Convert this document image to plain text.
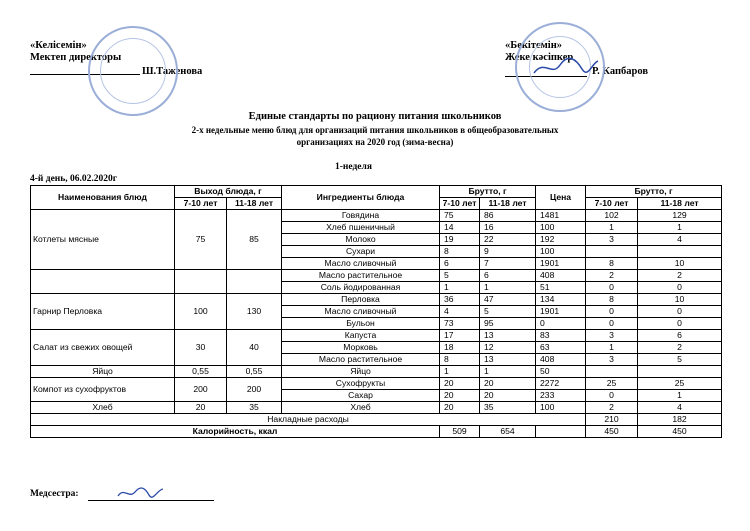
«Келісемін»
Мектеп директоры
Ш.Таженова
«Бекітемін»
Жеке кәсіпкер
Р. Капбаров
Единые стандарты по рациону питания школьников
2-х недельные меню блюд для организаций питания школьников в общеобразовательных
организациях на 2020 год (зима-весна)
1-неделя
4-й день, 06.02.2020г
Наименования блюд	Выход блюда, г		Ингредиенты блюда	Брутто, г		Цена	Брутто, г	
	7-10 лет	11-18 лет		7-10 лет	11-18 лет		7-10 лет	11-18 лет
Котлеты мясные	75	85	Говядина	75	86	1481	102	129
			Хлеб пшеничный	14	16	100	1	1
			Молоко	19	22	192	3	4
			Сухари	8	9	100		
			Масло сливочный	6	7	1901	8	10
			Масло растительное	5	6	408	2	2
			Соль йодированная	1	1	51	0	0
Гарнир Перловка	100	130	Перловка	36	47	134	8	10
			Масло сливочный	4	5	1901	0	0
			Бульон	73	95	0	0	0
Салат из свежих овощей	30	40	Капуста	17	13	83	3	6
			Морковь	18	12	63	1	2
			Масло растительное	8	13	408	3	5
Яйцо	0,55	0,55	Яйцо	1	1	50		
Компот из сухофруктов	200	200	Сухофрукты	20	20	2272	25	25
			Сахар	20	20	233	0	1
Хлеб	20	35	Хлеб	20	35	100	2	4
Накладные расходы							210	182
Калорийность, ккал				509	654		450	450
Медсестра:
